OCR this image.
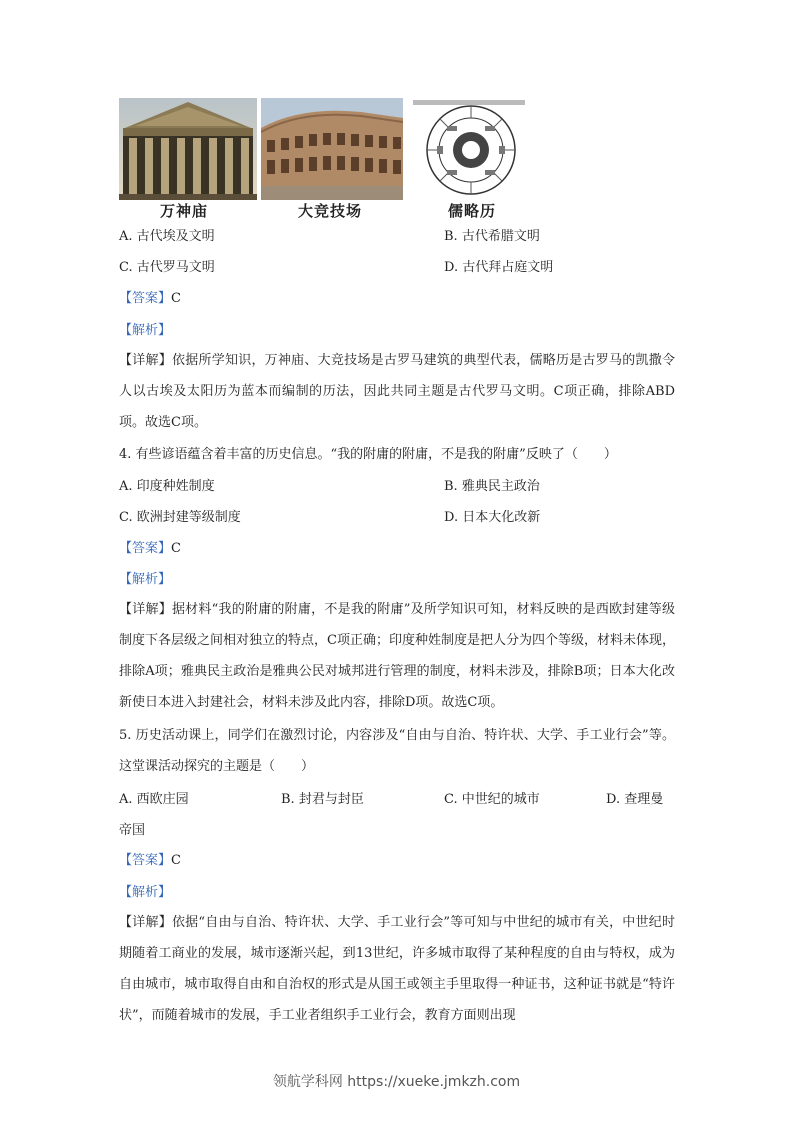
万神庙	大竞技场	儒略历
A. 古代埃及文明	B. 古代希腊文明
C. 古代罗马文明	D. 古代拜占庭文明
【答案】C
【解析】
【详解】依据所学知识，万神庙、大竞技场是古罗马建筑的典型代表，儒略历是古罗马的凯撒令人以古埃及太阳历为蓝本而编制的历法，因此共同主题是古代罗马文明。C项正确，排除ABD项。故选C项。
4. 有些谚语蕴含着丰富的历史信息。“我的附庸的附庸，不是我的附庸”反映了（　　）
A. 印度种姓制度	B. 雅典民主政治
C. 欧洲封建等级制度	D. 日本大化改新
【答案】C
【解析】
【详解】据材料“我的附庸的附庸，不是我的附庸”及所学知识可知，材料反映的是西欧封建等级制度下各层级之间相对独立的特点，C项正确；印度种姓制度是把人分为四个等级，材料未体现，排除A项；雅典民主政治是雅典公民对城邦进行管理的制度，材料未涉及，排除B项；日本大化改新使日本进入封建社会，材料未涉及此内容，排除D项。故选C项。
5. 历史活动课上，同学们在激烈讨论，内容涉及“自由与自治、特许状、大学、手工业行会”等。这堂课活动探究的主题是（　　）
A. 西欧庄园	B. 封君与封臣	C. 中世纪的城市	D. 查理曼
帝国
【答案】C
【解析】
【详解】依据“自由与自治、特许状、大学、手工业行会”等可知与中世纪的城市有关，中世纪时期随着工商业的发展，城市逐渐兴起，到13世纪，许多城市取得了某种程度的自由与特权，成为自由城市，城市取得自由和自治权的形式是从国王或领主手里取得一种证书，这种证书就是“特许状”，而随着城市的发展，手工业者组织手工业行会，教育方面则出现
领航学科网 https://xueke.jmkzh.com
